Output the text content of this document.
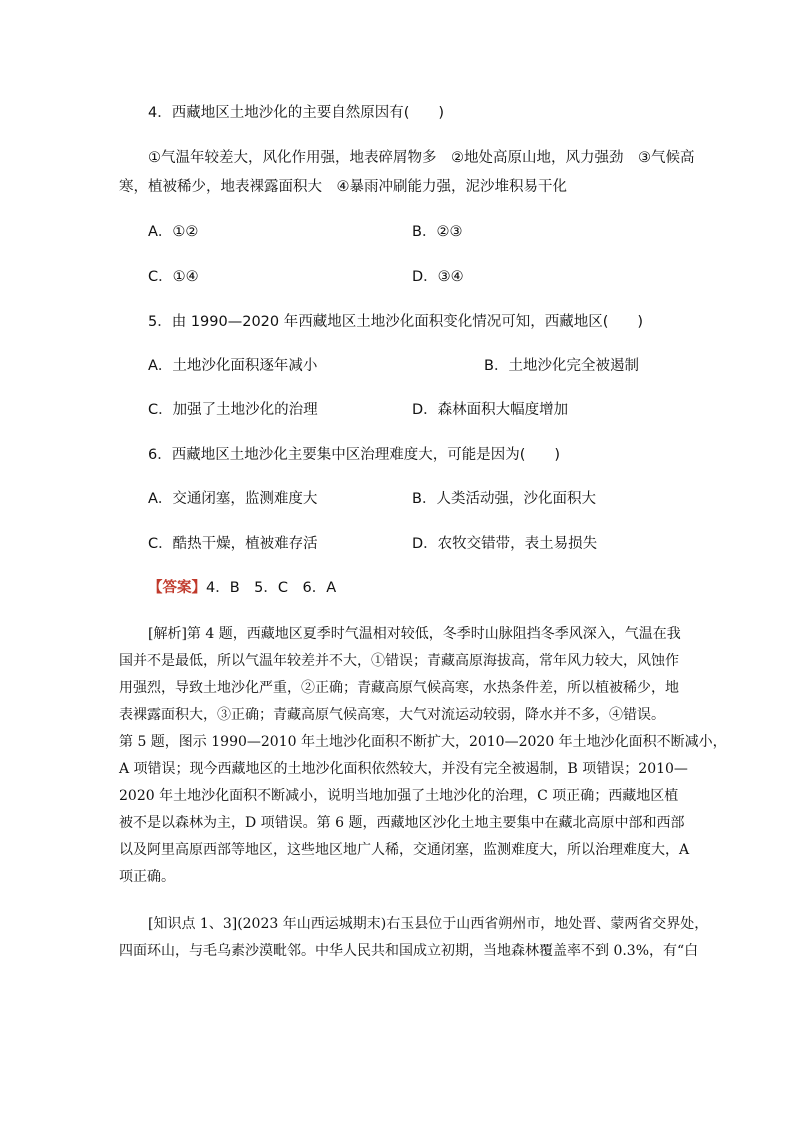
4．西藏地区土地沙化的主要自然原因有(　　)
①气温年较差大，风化作用强，地表碎屑物多　②地处高原山地，风力强劲　③气候高
寒，植被稀少，地表裸露面积大　④暴雨冲刷能力强，泥沙堆积易干化
A．①②	B．②③
C．①④	D．③④
5．由 1990—2020 年西藏地区土地沙化面积变化情况可知，西藏地区(　　)
A．土地沙化面积逐年减小	B．土地沙化完全被遏制
C．加强了土地沙化的治理	D．森林面积大幅度增加
6．西藏地区土地沙化主要集中区治理难度大，可能是因为(　　)
A．交通闭塞，监测难度大	B．人类活动强，沙化面积大
C．酷热干燥，植被难存活	D．农牧交错带，表土易损失
【答案】4．B　5．C　6．A
[解析]第 4 题，西藏地区夏季时气温相对较低，冬季时山脉阻挡冬季风深入，气温在我
国并不是最低，所以气温年较差并不大，①错误；青藏高原海拔高，常年风力较大，风蚀作
用强烈，导致土地沙化严重，②正确；青藏高原气候高寒，水热条件差，所以植被稀少，地
表裸露面积大，③正确；青藏高原气候高寒，大气对流运动较弱，降水并不多，④错误。
第 5 题，图示 1990—2010 年土地沙化面积不断扩大，2010—2020 年土地沙化面积不断减小，
A 项错误；现今西藏地区的土地沙化面积依然较大，并没有完全被遏制，B 项错误；2010—
2020 年土地沙化面积不断减小，说明当地加强了土地沙化的治理，C 项正确；西藏地区植
被不是以森林为主，D 项错误。第 6 题，西藏地区沙化土地主要集中在藏北高原中部和西部
以及阿里高原西部等地区，这些地区地广人稀，交通闭塞，监测难度大，所以治理难度大，A
项正确。
[知识点 1、3](2023 年山西运城期末)右玉县位于山西省朔州市，地处晋、蒙两省交界处，
四面环山，与毛乌素沙漠毗邻。中华人民共和国成立初期，当地森林覆盖率不到 0.3%，有“白
